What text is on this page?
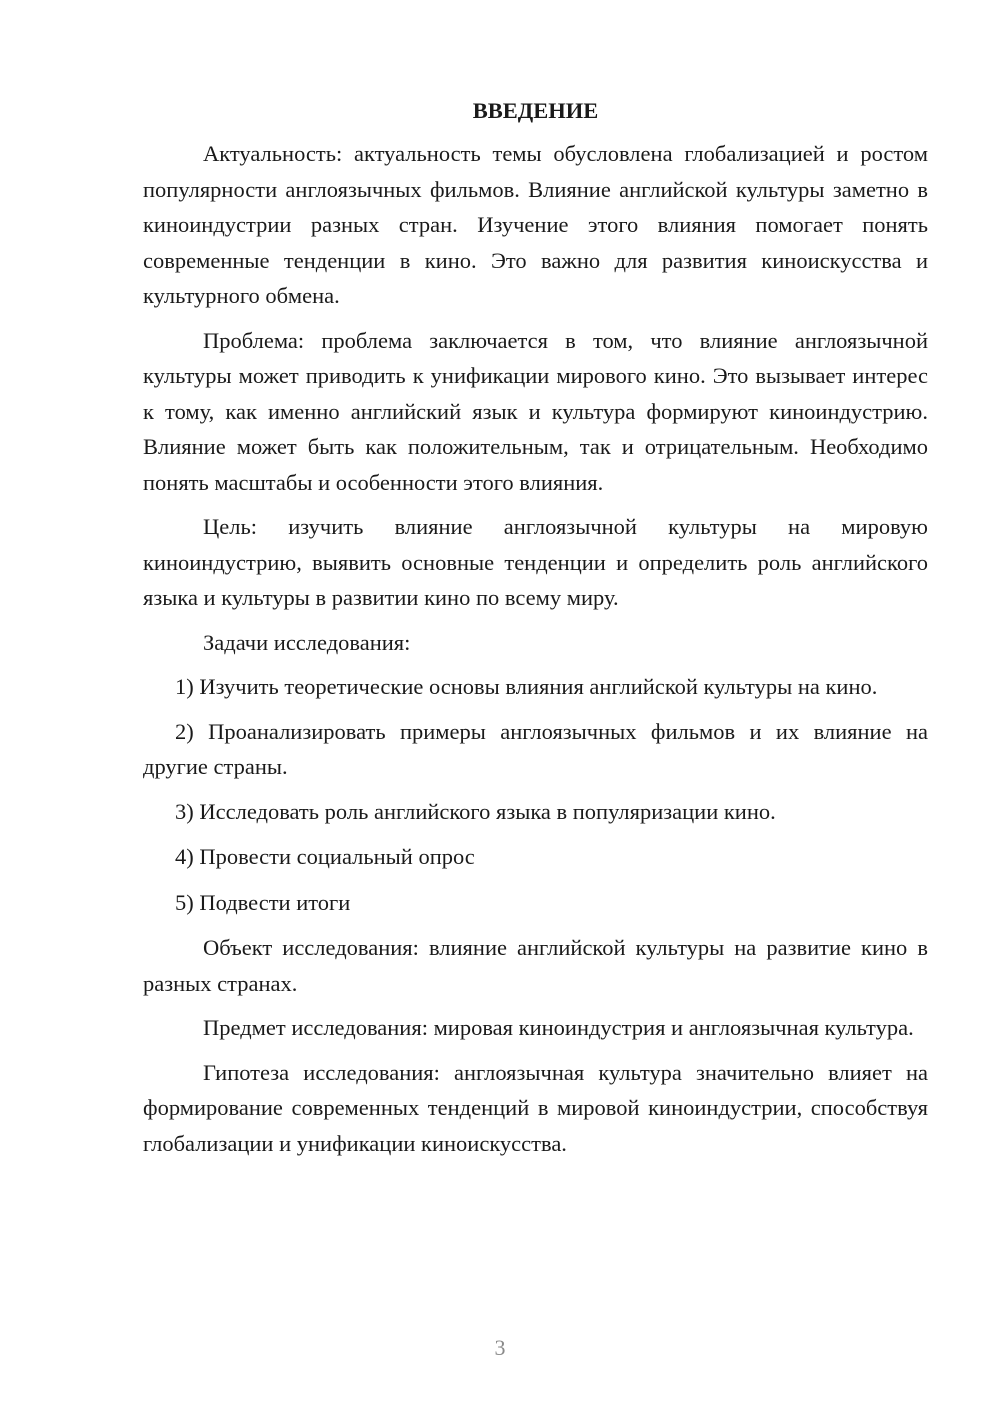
ВВЕДЕНИЕ

Актуальность: актуальность темы обусловлена глобализацией и ростом популярности англоязычных фильмов. Влияние английской культуры заметно в киноиндустрии разных стран. Изучение этого влияния помогает понять современные тенденции в кино. Это важно для развития киноискусства и культурного обмена.

Проблема: проблема заключается в том, что влияние англоязычной культуры может приводить к унификации мирового кино. Это вызывает интерес к тому, как именно английский язык и культура формируют киноиндустрию. Влияние может быть как положительным, так и отрицательным. Необходимо понять масштабы и особенности этого влияния.

Цель: изучить влияние англоязычной культуры на мировую киноиндустрию, выявить основные тенденции и определить роль английского языка и культуры в развитии кино по всему миру.

Задачи исследования:

1) Изучить теоретические основы влияния английской культуры на кино.

2) Проанализировать примеры англоязычных фильмов и их влияние на другие страны.

3) Исследовать роль английского языка в популяризации кино.

4) Провести социальный опрос

5) Подвести итоги

Объект исследования: влияние английской культуры на развитие кино в разных странах.

Предмет исследования: мировая киноиндустрия и англоязычная культура.

Гипотеза исследования: англоязычная культура значительно влияет на формирование современных тенденций в мировой киноиндустрии, способствуя глобализации и унификации киноискусства.

3
